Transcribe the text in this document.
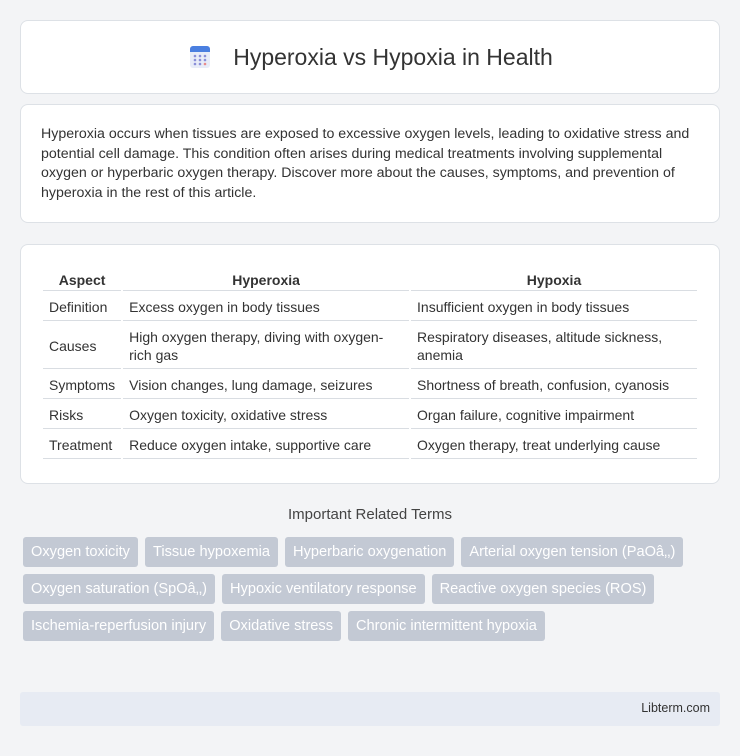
Hyperoxia vs Hypoxia in Health

Hyperoxia occurs when tissues are exposed to excessive oxygen levels, leading to oxidative stress and potential cell damage. This condition often arises during medical treatments involving supplemental oxygen or hyperbaric oxygen therapy. Discover more about the causes, symptoms, and prevention of hyperoxia in the rest of this article.

Aspect	Hyperoxia	Hypoxia
Definition	Excess oxygen in body tissues	Insufficient oxygen in body tissues
Causes	High oxygen therapy, diving with oxygen-rich gas	Respiratory diseases, altitude sickness, anemia
Symptoms	Vision changes, lung damage, seizures	Shortness of breath, confusion, cyanosis
Risks	Oxygen toxicity, oxidative stress	Organ failure, cognitive impairment
Treatment	Reduce oxygen intake, supportive care	Oxygen therapy, treat underlying cause
Important Related Terms
Oxygen toxicity	Tissue hypoxemia	Hyperbaric oxygenation	Arterial oxygen tension (PaOâ‚‚)
Oxygen saturation (SpOâ‚‚)	Hypoxic ventilatory response	Reactive oxygen species (ROS)
Ischemia-reperfusion injury	Oxidative stress	Chronic intermittent hypoxia
Libterm.com
